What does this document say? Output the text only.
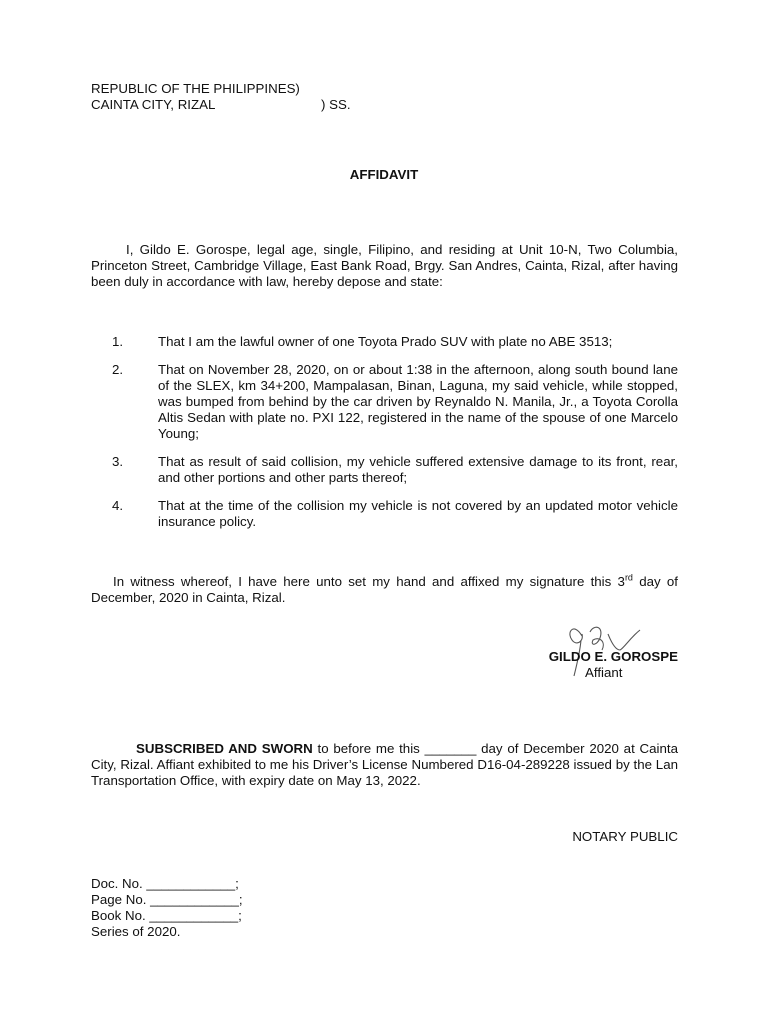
REPUBLIC OF THE PHILIPPINES)
CAINTA CITY, RIZAL	) SS.
AFFIDAVIT
I, Gildo E. Gorospe, legal age, single, Filipino, and residing at Unit 10-N, Two Columbia, Princeton Street, Cambridge Village, East Bank Road, Brgy. San Andres, Cainta, Rizal, after having been duly in accordance with law, hereby depose and state:
1.	That I am the lawful owner of one Toyota Prado SUV with plate no ABE 3513;
2.	That on November 28, 2020, on or about 1:38 in the afternoon, along south bound lane of the SLEX, km 34+200, Mampalasan, Binan, Laguna, my said vehicle, while stopped, was bumped from behind by the car driven by Reynaldo N. Manila, Jr., a Toyota Corolla Altis Sedan with plate no. PXI 122, registered in the name of the spouse of one Marcelo Young;
3.	That as result of said collision, my vehicle suffered extensive damage to its front, rear, and other portions and other parts thereof;
4.	That at the time of the collision my vehicle is not covered by an updated motor vehicle insurance policy.
In witness whereof, I have here unto set my hand and affixed my signature this 3rd day of December, 2020 in Cainta, Rizal.
GILDO E. GOROSPE
Affiant
SUBSCRIBED AND SWORN to before me this _______ day of December 2020 at Cainta City, Rizal. Affiant exhibited to me his Driver’s License Numbered D16-04-289228 issued by the Lan Transportation Office, with expiry date on May 13, 2022.
NOTARY PUBLIC
Doc. No. ____________;
Page No. ____________;
Book No. ____________;
Series of 2020.
